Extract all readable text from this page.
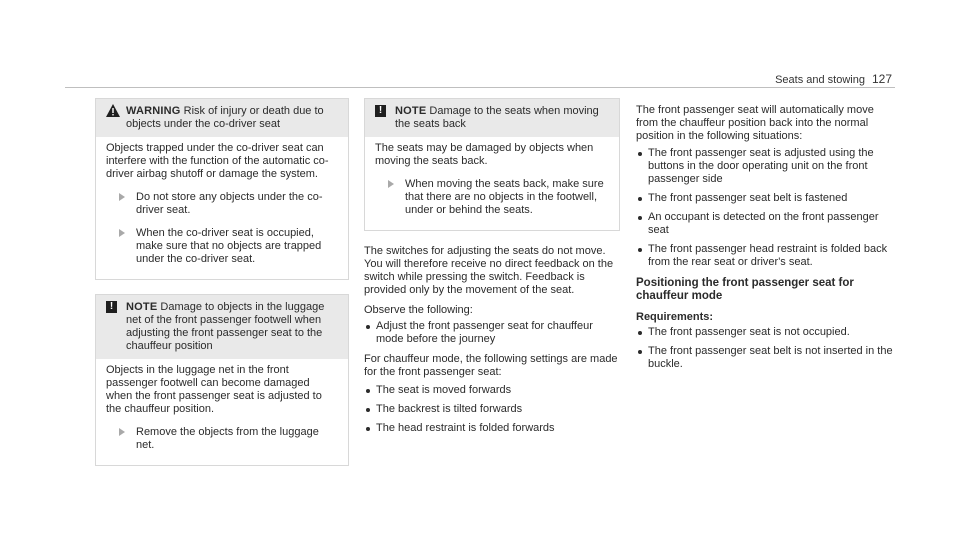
Seats and stowing 127
WARNING Risk of injury or death due to objects under the co-driver seat

Objects trapped under the co-driver seat can interfere with the function of the automatic co-driver airbag shutoff or damage the system.

Do not store any objects under the co-driver seat.
When the co-driver seat is occupied, make sure that no objects are trapped under the co-driver seat.
!	NOTE Damage to objects in the luggage net of the front passenger footwell when adjusting the front passenger seat to the chauffeur position

Objects in the luggage net in the front passenger footwell can become damaged when the front passenger seat is adjusted to the chauffeur position.

Remove the objects from the luggage net.
!	NOTE Damage to the seats when moving the seats back

The seats may be damaged by objects when moving the seats back.

When moving the seats back, make sure that there are no objects in the footwell, under or behind the seats.

The switches for adjusting the seats do not move. You will therefore receive no direct feedback on the switch while pressing the switch. Feedback is provided only by the movement of the seat.

Observe the following:

Adjust the front passenger seat for chauffeur mode before the journey

For chauffeur mode, the following settings are made for the front passenger seat:

The seat is moved forwards
The backrest is tilted forwards
The head restraint is folded forwards

The front passenger seat will automatically move from the chauffeur position back into the normal position in the following situations:

The front passenger seat is adjusted using the buttons in the door operating unit on the front passenger side
The front passenger seat belt is fastened
An occupant is detected on the front passenger seat
The front passenger head restraint is folded back from the rear seat or driver's seat.
Positioning the front passenger seat for chauffeur mode
Requirements:
The front passenger seat is not occupied.
The front passenger seat belt is not inserted in the buckle.
